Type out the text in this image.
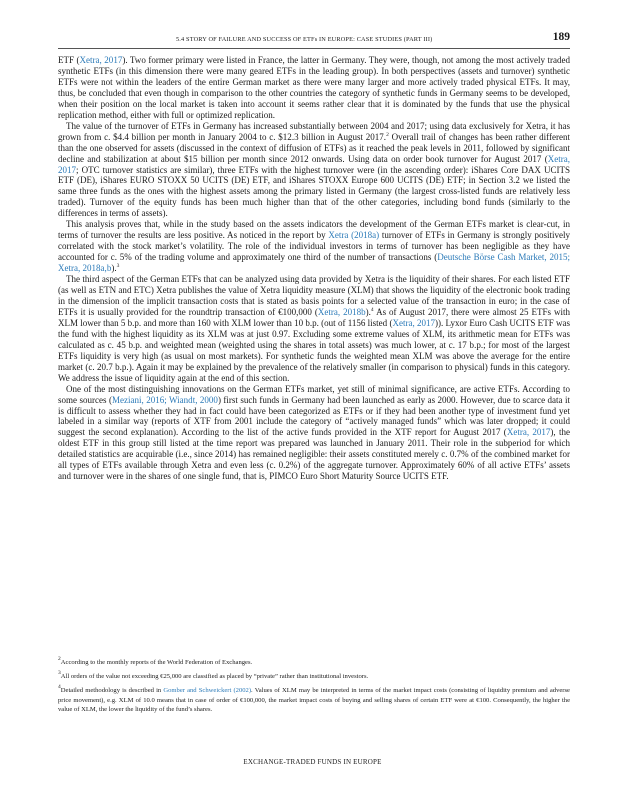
5.4 STORY OF FAILURE AND SUCCESS OF ETFs IN EUROPE: CASE STUDIES (PART III)	189

ETF (Xetra, 2017). Two former primary were listed in France, the latter in Germany. They were, though, not among the most actively traded synthetic ETFs (in this dimension there were many geared ETFs in the leading group). In both perspectives (assets and turnover) synthetic ETFs were not within the leaders of the entire German market as there were many larger and more actively traded physical ETFs. It may, thus, be concluded that even though in comparison to the other countries the category of synthetic funds in Germany seems to be developed, when their position on the local market is taken into account it seems rather clear that it is dominated by the funds that use the physical replication method, either with full or optimized replication.

The value of the turnover of ETFs in Germany has increased substantially between 2004 and 2017; using data exclusively for Xetra, it has grown from c. $4.4 billion per month in January 2004 to c. $12.3 billion in August 2017.$^2$ Overall trail of changes has been rather different than the one observed for assets (discussed in the context of diffusion of ETFs) as it reached the peak levels in 2011, followed by significant decline and stabilization at about $15 billion per month since 2012 onwards. Using data on order book turnover for August 2017 (Xetra, 2017; OTC turnover statistics are similar), three ETFs with the highest turnover were (in the ascending order): iShares Core DAX UCITS ETF (DE), iShares EURO STOXX 50 UCITS (DE) ETF, and iShares STOXX Europe 600 UCITS (DE) ETF; in Section 3.2 we listed the same three funds as the ones with the highest assets among the primary listed in Germany (the largest cross-listed funds are relatively less traded). Turnover of the equity funds has been much higher than that of the other categories, including bond funds (similarly to the differences in terms of assets).

This analysis proves that, while in the study based on the assets indicators the development of the German ETFs market is clear-cut, in terms of turnover the results are less positive. As noticed in the report by Xetra (2018a) turnover of ETFs in Germany is strongly positively correlated with the stock market’s volatility. The role of the individual investors in terms of turnover has been negligible as they have accounted for c. 5% of the trading volume and approximately one third of the number of transactions (Deutsche Börse Cash Market, 2015; Xetra, 2018a,b).$^3$

The third aspect of the German ETFs that can be analyzed using data provided by Xetra is the liquidity of their shares. For each listed ETF (as well as ETN and ETC) Xetra publishes the value of Xetra liquidity measure (XLM) that shows the liquidity of the electronic book trading in the dimension of the implicit transaction costs that is stated as basis points for a selected value of the transaction in euro; in the case of ETFs it is usually provided for the roundtrip transaction of €100,000 (Xetra, 2018b).$^4$ As of August 2017, there were almost 25 ETFs with XLM lower than 5 b.p. and more than 160 with XLM lower than 10 b.p. (out of 1156 listed (Xetra, 2017)). Lyxor Euro Cash UCITS ETF was the fund with the highest liquidity as its XLM was at just 0.97. Excluding some extreme values of XLM, its arithmetic mean for ETFs was calculated as c. 45 b.p. and weighted mean (weighted using the shares in total assets) was much lower, at c. 17 b.p.; for most of the largest ETFs liquidity is very high (as usual on most markets). For synthetic funds the weighted mean XLM was above the average for the entire market (c. 20.7 b.p.). Again it may be explained by the prevalence of the relatively smaller (in comparison to physical) funds in this category. We address the issue of liquidity again at the end of this section.

One of the most distinguishing innovations on the German ETFs market, yet still of minimal significance, are active ETFs. According to some sources (Meziani, 2016; Wiandt, 2000) first such funds in Germany had been launched as early as 2000. However, due to scarce data it is difficult to assess whether they had in fact could have been categorized as ETFs or if they had been another type of investment fund yet labeled in a similar way (reports of XTF from 2001 include the category of “actively managed funds” which was later dropped; it could suggest the second explanation). According to the list of the active funds provided in the XTF report for August 2017 (Xetra, 2017), the oldest ETF in this group still listed at the time report was prepared was launched in January 2011. Their role in the subperiod for which detailed statistics are acquirable (i.e., since 2014) has remained negligible: their assets constituted merely c. 0.7% of the combined market for all types of ETFs available through Xetra and even less (c. 0.2%) of the aggregate turnover. Approximately 60% of all active ETFs’ assets and turnover were in the shares of one single fund, that is, PIMCO Euro Short Maturity Source UCITS ETF.

$^2$According to the monthly reports of the World Federation of Exchanges.

$^3$All orders of the value not exceeding €25,000 are classified as placed by “private” rather than institutional investors.

$^4$Detailed methodology is described in Gomber and Schweickert (2002). Values of XLM may be interpreted in terms of the market impact costs (consisting of liquidity premium and adverse price movement), e.g. XLM of 10.0 means that in case of order of €100,000, the market impact costs of buying and selling shares of certain ETF were at €100. Consequently, the higher the value of XLM, the lower the liquidity of the fund’s shares.

EXCHANGE-TRADED FUNDS IN EUROPE
